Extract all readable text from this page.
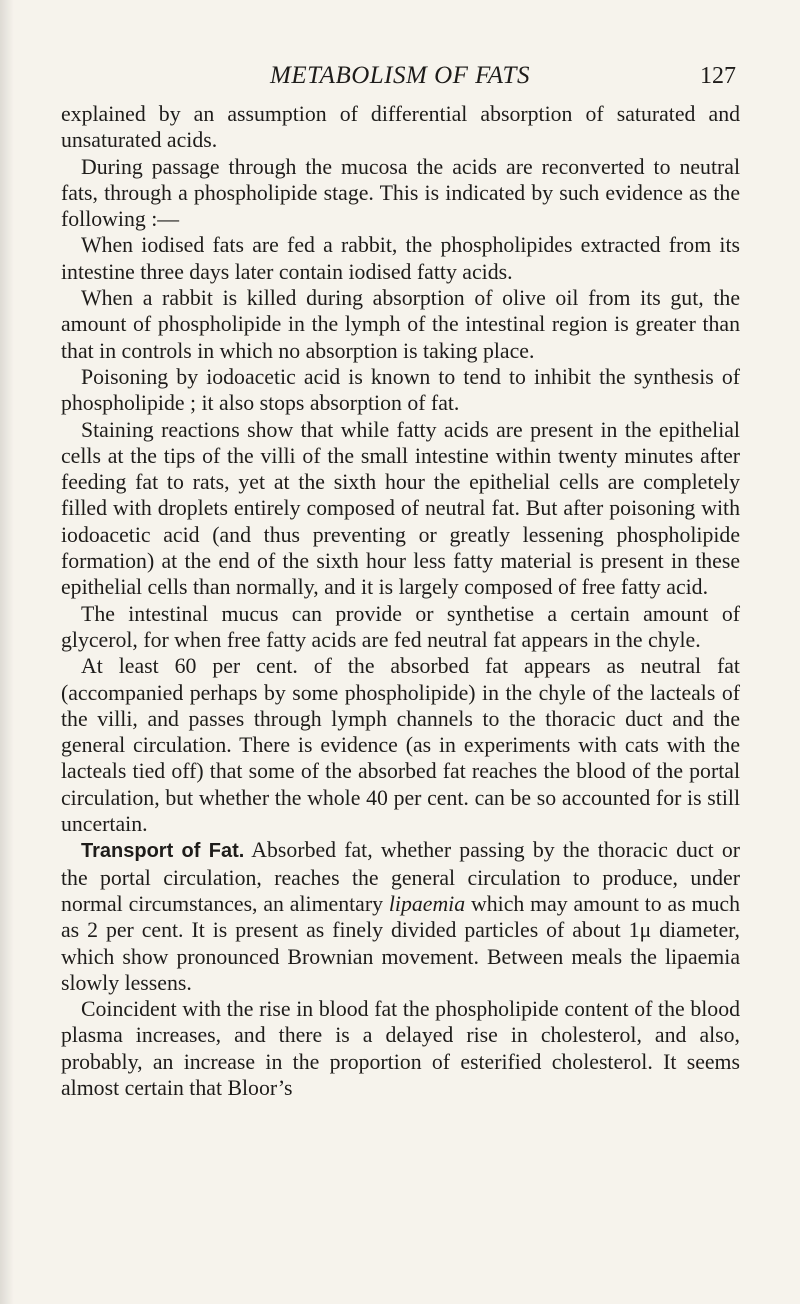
METABOLISM OF FATS	127

explained by an assumption of differential absorption of saturated and unsaturated acids.

During passage through the mucosa the acids are reconverted to neutral fats, through a phospholipide stage. This is indicated by such evidence as the following :—

When iodised fats are fed a rabbit, the phospholipides extracted from its intestine three days later contain iodised fatty acids.

When a rabbit is killed during absorption of olive oil from its gut, the amount of phospholipide in the lymph of the intestinal region is greater than that in controls in which no absorption is taking place.

Poisoning by iodoacetic acid is known to tend to inhibit the synthesis of phospholipide ; it also stops absorption of fat.

Staining reactions show that while fatty acids are present in the epithelial cells at the tips of the villi of the small intestine within twenty minutes after feeding fat to rats, yet at the sixth hour the epithelial cells are completely filled with droplets entirely composed of neutral fat. But after poisoning with iodoacetic acid (and thus preventing or greatly lessening phospholipide formation) at the end of the sixth hour less fatty material is present in these epithelial cells than normally, and it is largely composed of free fatty acid.

The intestinal mucus can provide or synthetise a certain amount of glycerol, for when free fatty acids are fed neutral fat appears in the chyle.

At least 60 per cent. of the absorbed fat appears as neutral fat (accompanied perhaps by some phospholipide) in the chyle of the lacteals of the villi, and passes through lymph channels to the thoracic duct and the general circulation. There is evidence (as in experiments with cats with the lacteals tied off) that some of the absorbed fat reaches the blood of the portal circulation, but whether the whole 40 per cent. can be so accounted for is still uncertain.

Transport of Fat. Absorbed fat, whether passing by the thoracic duct or the portal circulation, reaches the general circulation to produce, under normal circumstances, an alimentary lipaemia which may amount to as much as 2 per cent. It is present as finely divided particles of about 1μ diameter, which show pronounced Brownian movement. Between meals the lipaemia slowly lessens.

Coincident with the rise in blood fat the phospholipide content of the blood plasma increases, and there is a delayed rise in cholesterol, and also, probably, an increase in the proportion of esterified cholesterol. It seems almost certain that Bloor’s
